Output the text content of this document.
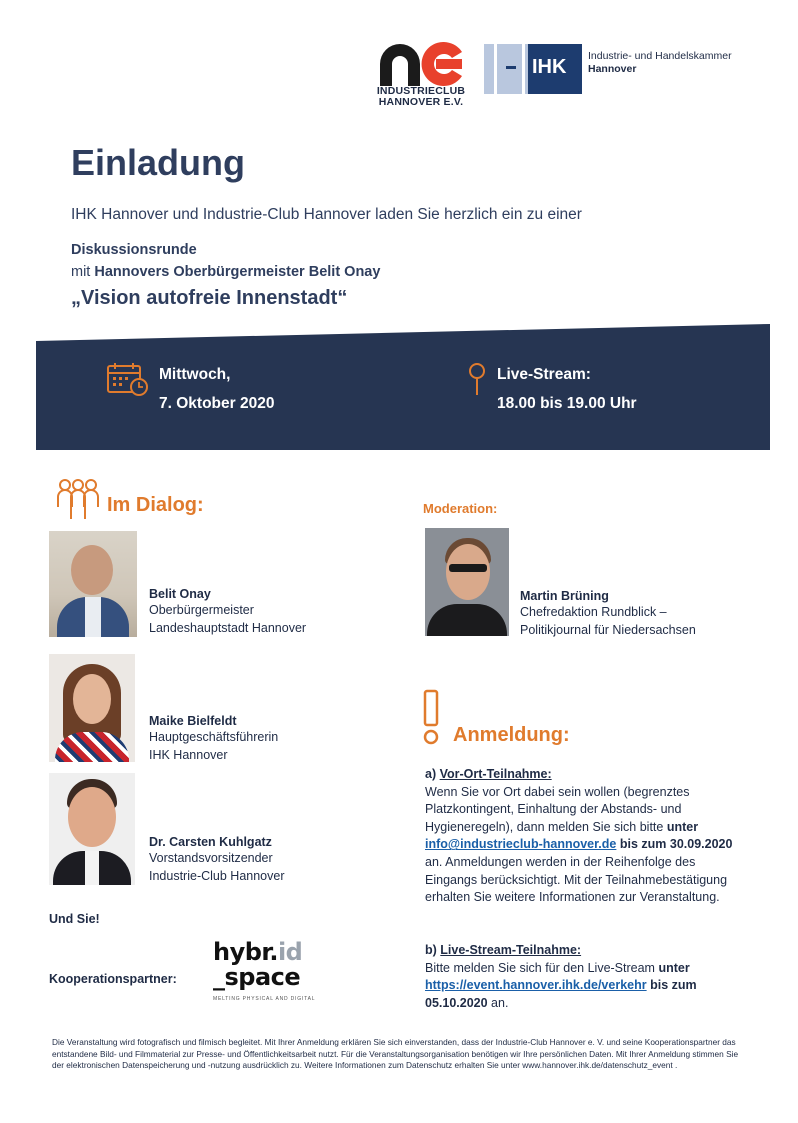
INDUSTRIECLUB
HANNOVER E.V.
IHK Industrie- und Handelskammer
Hannover
Einladung
IHK Hannover und Industrie-Club Hannover laden Sie herzlich ein zu einer
Diskussionsrunde
mit Hannovers Oberbürgermeister Belit Onay
„Vision autofreie Innenstadt“
Mittwoch,
7. Oktober 2020
Live-Stream:
18.00 bis 19.00 Uhr
Im Dialog:
Belit Onay
Oberbürgermeister
Landeshauptstadt Hannover
Maike Bielfeldt
Hauptgeschäftsführerin
IHK Hannover
Dr. Carsten Kuhlgatz
Vorstandsvorsitzender
Industrie-Club Hannover
Und Sie!
Moderation:
Martin Brüning
Chefredaktion Rundblick –
Politikjournal für Niedersachsen
Anmeldung:
a) Vor-Ort-Teilnahme:
Wenn Sie vor Ort dabei sein wollen (begrenztes Platzkontingent, Einhaltung der Abstands- und Hygieneregeln), dann melden Sie sich bitte unter info@industrieclub-hannover.de bis zum 30.09.2020 an. Anmeldungen werden in der Reihenfolge des Eingangs berücksichtigt. Mit der Teilnahmebestätigung erhalten Sie weitere Informationen zur Veranstaltung.
b) Live-Stream-Teilnahme:
Bitte melden Sie sich für den Live-Stream unter https://event.hannover.ihk.de/verkehr bis zum 05.10.2020 an.
Kooperationspartner:
hybr.id
_space
MELTING PHYSICAL AND DIGITAL
Die Veranstaltung wird fotografisch und filmisch begleitet. Mit Ihrer Anmeldung erklären Sie sich einverstanden, dass der Industrie-Club Hannover e. V. und seine Kooperationspartner das entstandene Bild- und Filmmaterial zur Presse- und Öffentlichkeitsarbeit nutzt. Für die Veranstaltungsorganisation benötigen wir Ihre persönlichen Daten. Mit Ihrer Anmeldung stimmen Sie der elektronischen Datenspeicherung und -nutzung ausdrücklich zu. Weitere Informationen zum Datenschutz erhalten Sie unter www.hannover.ihk.de/datenschutz_event .
